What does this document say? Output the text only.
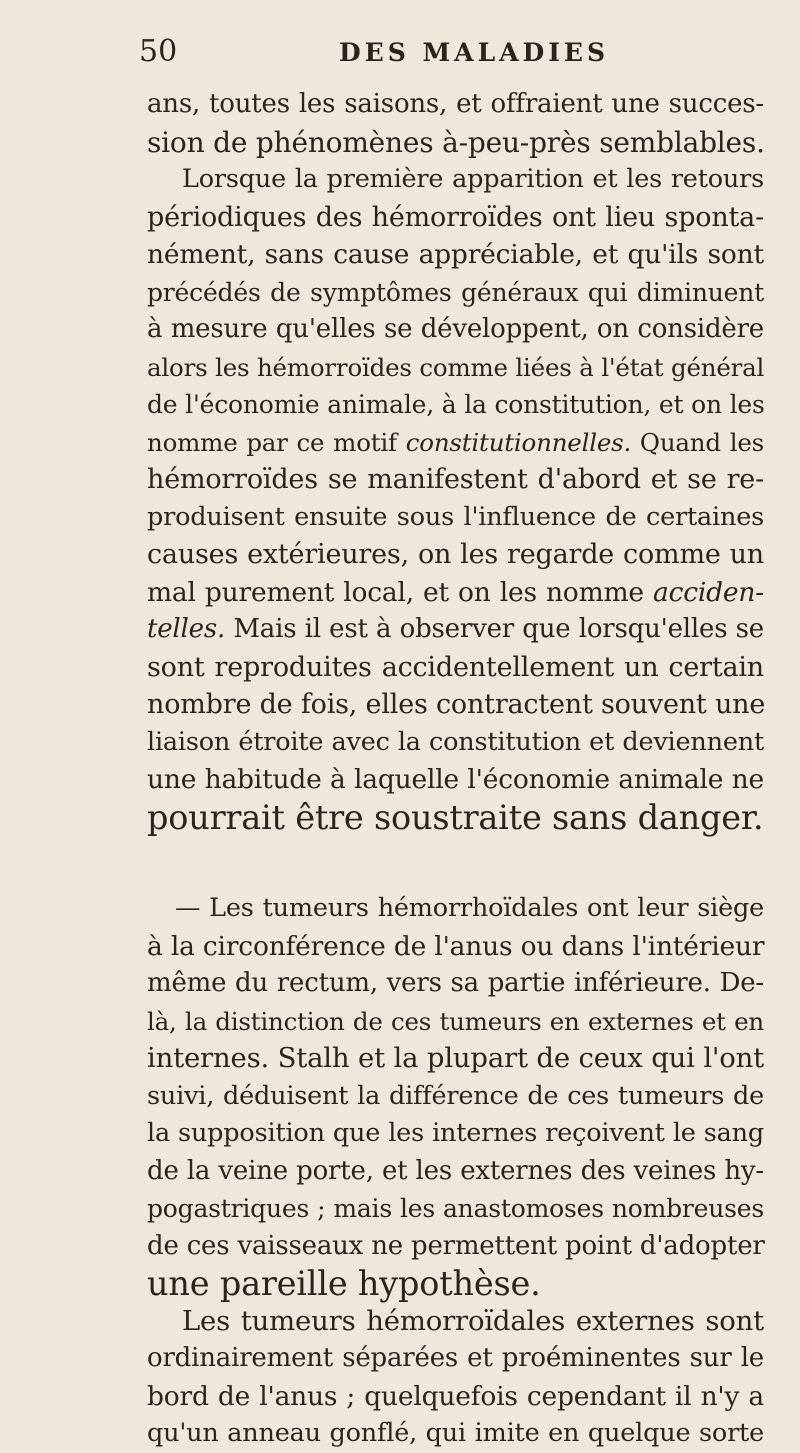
50	DES MALADIES
ans, toutes les saisons, et offraient une succes-
sion de phénomènes à-peu-près semblables.
Lorsque la première apparition et les retours
périodiques des hémorroïdes ont lieu sponta-
nément, sans cause appréciable, et qu'ils sont
précédés de symptômes généraux qui diminuent
à mesure qu'elles se développent, on considère
alors les hémorroïdes comme liées à l'état général
de l'économie animale, à la constitution, et on les
nomme par ce motif constitutionnelles. Quand les
hémorroïdes se manifestent d'abord et se re-
produisent ensuite sous l'influence de certaines
causes extérieures, on les regarde comme un
mal purement local, et on les nomme acciden-
telles. Mais il est à observer que lorsqu'elles se
sont reproduites accidentellement un certain
nombre de fois, elles contractent souvent une
liaison étroite avec la constitution et deviennent
une habitude à laquelle l'économie animale ne
pourrait être soustraite sans danger.
— Les tumeurs hémorrhoïdales ont leur siège
à la circonférence de l'anus ou dans l'intérieur
même du rectum, vers sa partie inférieure. De-
là, la distinction de ces tumeurs en externes et en
internes. Stalh et la plupart de ceux qui l'ont
suivi, déduisent la différence de ces tumeurs de
la supposition que les internes reçoivent le sang
de la veine porte, et les externes des veines hy-
pogastriques ; mais les anastomoses nombreuses
de ces vaisseaux ne permettent point d'adopter
une pareille hypothèse.
Les tumeurs hémorroïdales externes sont
ordinairement séparées et proéminentes sur le
bord de l'anus ; quelquefois cependant il n'y a
qu'un anneau gonflé, qui imite en quelque sorte
